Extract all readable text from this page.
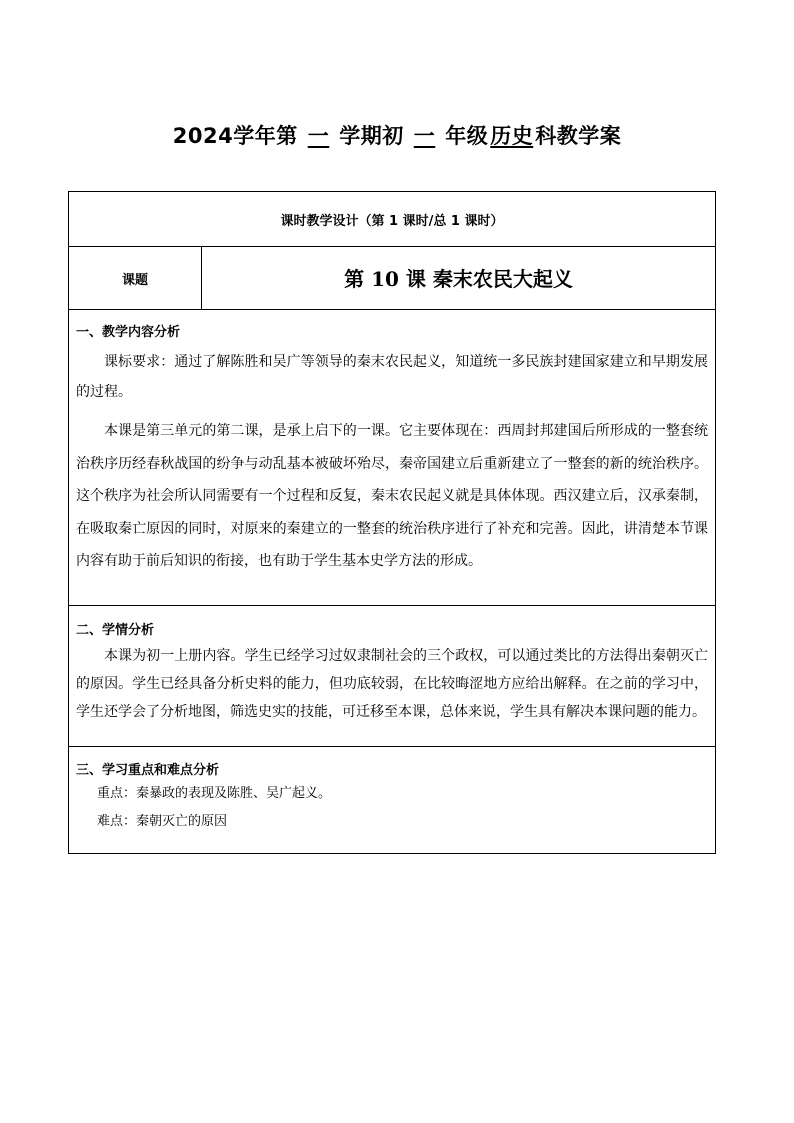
2024学年第 一 学期初 一 年级历史科教学案
课时教学设计（第 1 课时/总 1 课时）
课题	第 10 课 秦末农民大起义
一、教学内容分析
课标要求：通过了解陈胜和吴广等领导的秦末农民起义，知道统一多民族封建国家建立和早期发展的过程。
本课是第三单元的第二课，是承上启下的一课。它主要体现在：西周封邦建国后所形成的一整套统治秩序历经春秋战国的纷争与动乱基本被破坏殆尽，秦帝国建立后重新建立了一整套的新的统治秩序。这个秩序为社会所认同需要有一个过程和反复，秦末农民起义就是具体体现。西汉建立后，汉承秦制，在吸取秦亡原因的同时，对原来的秦建立的一整套的统治秩序进行了补充和完善。因此，讲清楚本节课内容有助于前后知识的衔接，也有助于学生基本史学方法的形成。
二、学情分析
本课为初一上册内容。学生已经学习过奴隶制社会的三个政权，可以通过类比的方法得出秦朝灭亡的原因。学生已经具备分析史料的能力，但功底较弱，在比较晦涩地方应给出解释。在之前的学习中，学生还学会了分析地图，筛选史实的技能，可迁移至本课，总体来说，学生具有解决本课问题的能力。
三、学习重点和难点分析
重点：秦暴政的表现及陈胜、吴广起义。
难点：秦朝灭亡的原因
